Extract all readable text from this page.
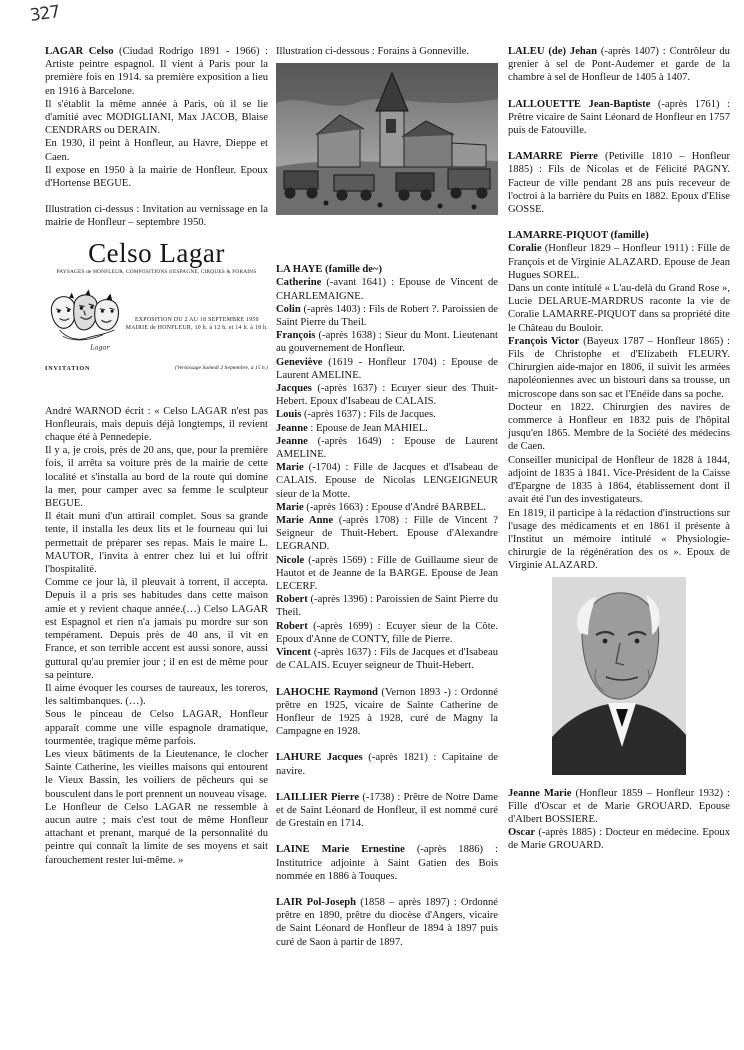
327

LAGAR Celso (Ciudad Rodrigo 1891 - 1966) : Artiste peintre espagnol. Il vient à Paris pour la première fois en 1914. sa première exposition a lieu en 1916 à Barcelone.

Il s'établit la même année à Paris, où il se lie d'amitié avec MODIGLIANI, Max JACOB, Blaise CENDRARS ou DERAIN.

En 1930, il peint à Honfleur, au Havre, Dieppe et Caen.

Il expose en 1950 à la mairie de Honfleur. Epoux d'Hortense BEGUE.

Illustration ci-dessus : Invitation au vernissage en la mairie de Honfleur – septembre 1950.

Celso Lagar
PAYSAGES de HONFLEUR, COMPOSITIONS d'ESPAGNE, CIRQUES & FORAINS
Lagar
EXPOSITION DU 2 AU 18 SEPTEMBRE 1950
MAIRIE de HONFLEUR, 10 h. à 12 h. et 14 h. à 18 h.
INVITATION	(Vernissage Samedi 2 Septembre, à 15 h.)

André WARNOD écrit : « Celso LAGAR n'est pas Honfleurais, mais depuis déjà longtemps, il revient chaque été à Pennedepie.

Il y a, je crois, près de 20 ans, que, pour la première fois, il arrêta sa voiture près de la mairie de cette localité et s'installa au bord de la route qui domine la mer, pour camper avec sa femme le sculpteur BEGUE.

Il était muni d'un attirail complet. Sous sa grande tente, il installa les deux lits et le fourneau qui lui permettait de préparer ses repas. Mais le maire L. MAUTOR, l'invita à entrer chez lui et lui offrit l'hospitalité.

Comme ce jour là, il pleuvait à torrent, il accepta. Depuis il a pris ses habitudes dans cette maison amie et y revient chaque année.(…) Celso LAGAR est Espagnol et rien n'a jamais pu mordre sur son tempérament. Depuis près de 40 ans, il vit en France, et son terrible accent est aussi sonore, aussi guttural qu'au premier jour ; il en est de même pour sa peinture.

Il aime évoquer les courses de taureaux, les toreros, les saltimbanques. (…).

Sous le pinceau de Celso LAGAR, Honfleur apparaît comme une ville espagnole dramatique, tourmentée, tragique même parfois.

Les vieux bâtiments de la Lieutenance, le clocher Sainte Catherine, les vieilles maisons qui entourent le Vieux Bassin, les voiliers de pêcheurs qui se bousculent dans le port prennent un nouveau visage.

Le Honfleur de Celso LAGAR ne ressemble à aucun autre ; mais c'est tout de même Honfleur attachant et prenant, marqué de la personnalité du peintre qui connaît la limite de ses moyens et sait farouchement rester lui-même. »

Illustration ci-dessous : Forains à Gonneville.

LA HAYE (famille de~)

Catherine (-avant 1641) : Epouse de Vincent de CHARLEMAIGNE.

Colin (-après 1403) : Fils de Robert ?. Paroissien de Saint Pierre du Theil.

François (-après 1638) : Sieur du Mont. Lieutenant au gouvernement de Honfleur.

Geneviève (1619 - Honfleur 1704) : Epouse de Laurent AMELINE.

Jacques (-après 1637) : Ecuyer sieur des Thuit-Hebert. Epoux d'Isabeau de CALAIS.

Louis (-après 1637) : Fils de Jacques.

Jeanne : Epouse de Jean MAHIEL.

Jeanne (-après 1649) : Epouse de Laurent AMELINE.

Marie (-1704) : Fille de Jacques et d'Isabeau de CALAIS. Epouse de Nicolas LENGEIGNEUR sieur de la Motte.

Marie (-après 1663) : Epouse d'André BARBEL.

Marie Anne (-après 1708) : Fille de Vincent ? Seigneur de Thuit-Hebert. Epouse d'Alexandre LEGRAND.

Nicole (-après 1569) : Fille de Guillaume sieur de Hautot et de Jeanne de la BARGE. Epouse de Jean LECERF.

Robert (-après 1396) : Paroissien de Saint Pierre du Theil.

Robert (-après 1699) : Ecuyer sieur de la Côte. Epoux d'Anne de CONTY, fille de Pierre.

Vincent (-après 1637) : Fils de Jacques et d'Isabeau de CALAIS. Ecuyer seigneur de Thuit-Hebert.

LAHOCHE Raymond (Vernon 1893 -) : Ordonné prêtre en 1925, vicaire de Sainte Catherine de Honfleur de 1925 à 1928, curé de Magny la Campagne en 1928.

LAHURE Jacques (-après 1821) : Capitaine de navire.

LAILLIER Pierre (-1738) : Prêtre de Notre Dame et de Saint Léonard de Honfleur, il est nommé curé de Grestain en 1714.

LAINE Marie Ernestine (-après 1886) : Institutrice adjointe à Saint Gatien des Bois nommée en 1886 à Touques.

LAIR Pol-Joseph (1858 – après 1897) : Ordonné prêtre en 1890, prêtre du diocèse d'Angers, vicaire de Saint Léonard de Honfleur de 1894 à 1897 puis curé de Saon à partir de 1897.

LALEU (de) Jehan (-après 1407) : Contrôleur du grenier à sel de Pont-Audemer et garde de la chambre à sel de Honfleur de 1405 à 1407.

LALLOUETTE Jean-Baptiste (-après 1761) : Prêtre vicaire de Saint Léonard de Honfleur en 1757 puis de Fatouville.

LAMARRE Pierre (Petiville 1810 – Honfleur 1885) : Fils de Nicolas et de Félicité PAGNY. Facteur de ville pendant 28 ans puis receveur de l'octroi à la barrière du Puits en 1882. Epoux d'Elise GOSSE.

LAMARRE-PIQUOT (famille)

Coralie (Honfleur 1829 – Honfleur 1911) : Fille de François et de Virginie ALAZARD. Epouse de Jean Hugues SOREL.

Dans un conte intitulé « L'au-delà du Grand Rose », Lucie DELARUE-MARDRUS raconte la vie de Coralie LAMARRE-PIQUOT dans sa propriété dite le Château du Bouloir.

François Victor (Bayeux 1787 – Honfleur 1865) : Fils de Christophe et d'Elizabeth FLEURY. Chirurgien aide-major en 1806, il suivit les armées napoléoniennes avec un bistouri dans sa trousse, un microscope dans son sac et l'Enéide dans sa poche.

Docteur en 1822. Chirurgien des navires de commerce à Honfleur en 1832 puis de l'hôpital jusqu'en 1865. Membre de la Société des médecins de Caen.

Conseiller municipal de Honfleur de 1828 à 1844, adjoint de 1835 à 1841. Vice-Président de la Caisse d'Epargne de 1835 à 1864, établissement dont il avait été l'un des investigateurs.

En 1819, il participe à la rédaction d'instructions sur l'usage des médicaments et en 1861 il présente à l'Institut un mémoire intitulé « Physiologie-chirurgie de la régénération des os ». Epoux de Virginie ALAZARD.

Jeanne Marie (Honfleur 1859 – Honfleur 1932) : Fille d'Oscar et de Marie GROUARD. Epouse d'Albert BOSSIERE.

Oscar (-après 1885) : Docteur en médecine. Epoux de Marie GROUARD.
